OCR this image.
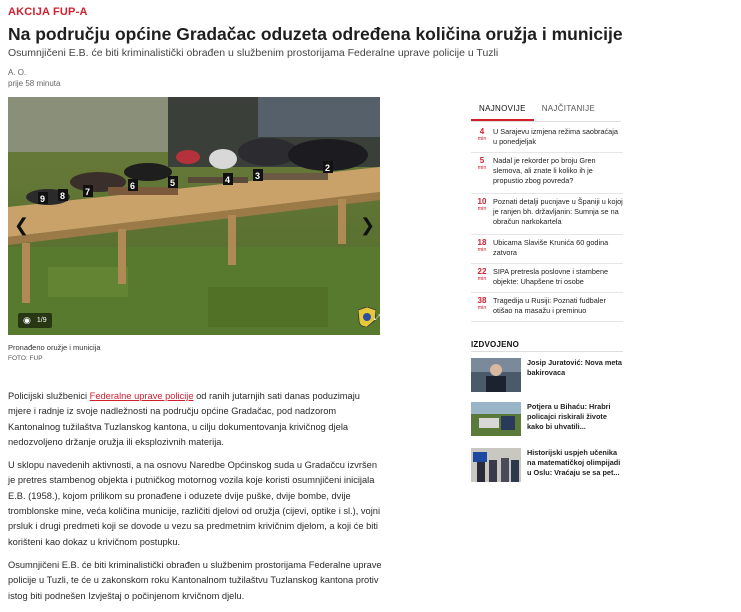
AKCIJA FUP-A
Na području općine Gradačac oduzeta određena količina oružja i municije
Osumnjičeni E.B. će biti kriminalistički obrađen u službenim prostorijama Federalne uprave policije u Tuzli
A. O.
prije 58 minuta
9 8 7
6	5	4	3
2
❮	❯
◉ 1/9	⤢
Pronađeno oružje i municija
FOTO: FUP

Policijski službenici Federalne uprave policije od ranih jutarnjih sati danas poduzimaju mjere i radnje iz svoje nadležnosti na području općine Gradačac, pod nadzorom Kantonalnog tužilaštva Tuzlanskog kantona, u cilju dokumentovanja krivičnog djela nedozvoljeno držanje oružja ili eksplozivnih materija.

U sklopu navedenih aktivnosti, a na osnovu Naredbe Općinskog suda u Gradačcu izvršen je pretres stambenog objekta i putničkog motornog vozila koje koristi osumnjičeni inicijala E.B. (1958.), kojom prilikom su pronađene i oduzete dvije puške, dvije bombe, dvije tromblonske mine, veća količina municije, različiti djelovi od oružja (cijevi, optike i sl.), vojni prsluk i drugi predmeti koji se dovode u vezu sa predmetnim krivičnim djelom, a koji će biti korišteni kao dokaz u krivičnom postupku.

Osumnjičeni E.B. će biti kriminalistički obrađen u službenim prostorijama Federalne uprave policije u Tuzli, te će u zakonskom roku Kantonalnom tužilaštvu Tuzlanskog kantona protiv istog biti podnešen Izvještaj o počinjenom krvičnom djelu.

NAJNOVIJE	NAJČITANIJE
4
min
U Sarajevu izmjena režima saobraćaja u ponedjeljak
5
min
Nadal je rekorder po broju Gren slemova, ali znate li koliko ih je propustio zbog povreda?
10
min
Poznati detalji pucnjave u Španiji u kojoj je ranjen bh. državljanin: Sumnja se na obračun narkokartela
18
min
Ubicama Slaviše Krunića 60 godina zatvora
22
min
SIPA pretresla poslovne i stambene objekte: Uhapšene tri osobe
38
min
Tragedija u Rusiji: Poznati fudbaler otišao na masažu i preminuo
IZDVOJENO
Josip Juratović: Nova meta bakirovaca
Potjera u Bihaću: Hrabri policajci riskirali živote kako bi uhvatili...
Historijski uspjeh učenika na matematičkoj olimpijadi u Oslu: Vraćaju se sa pet...
